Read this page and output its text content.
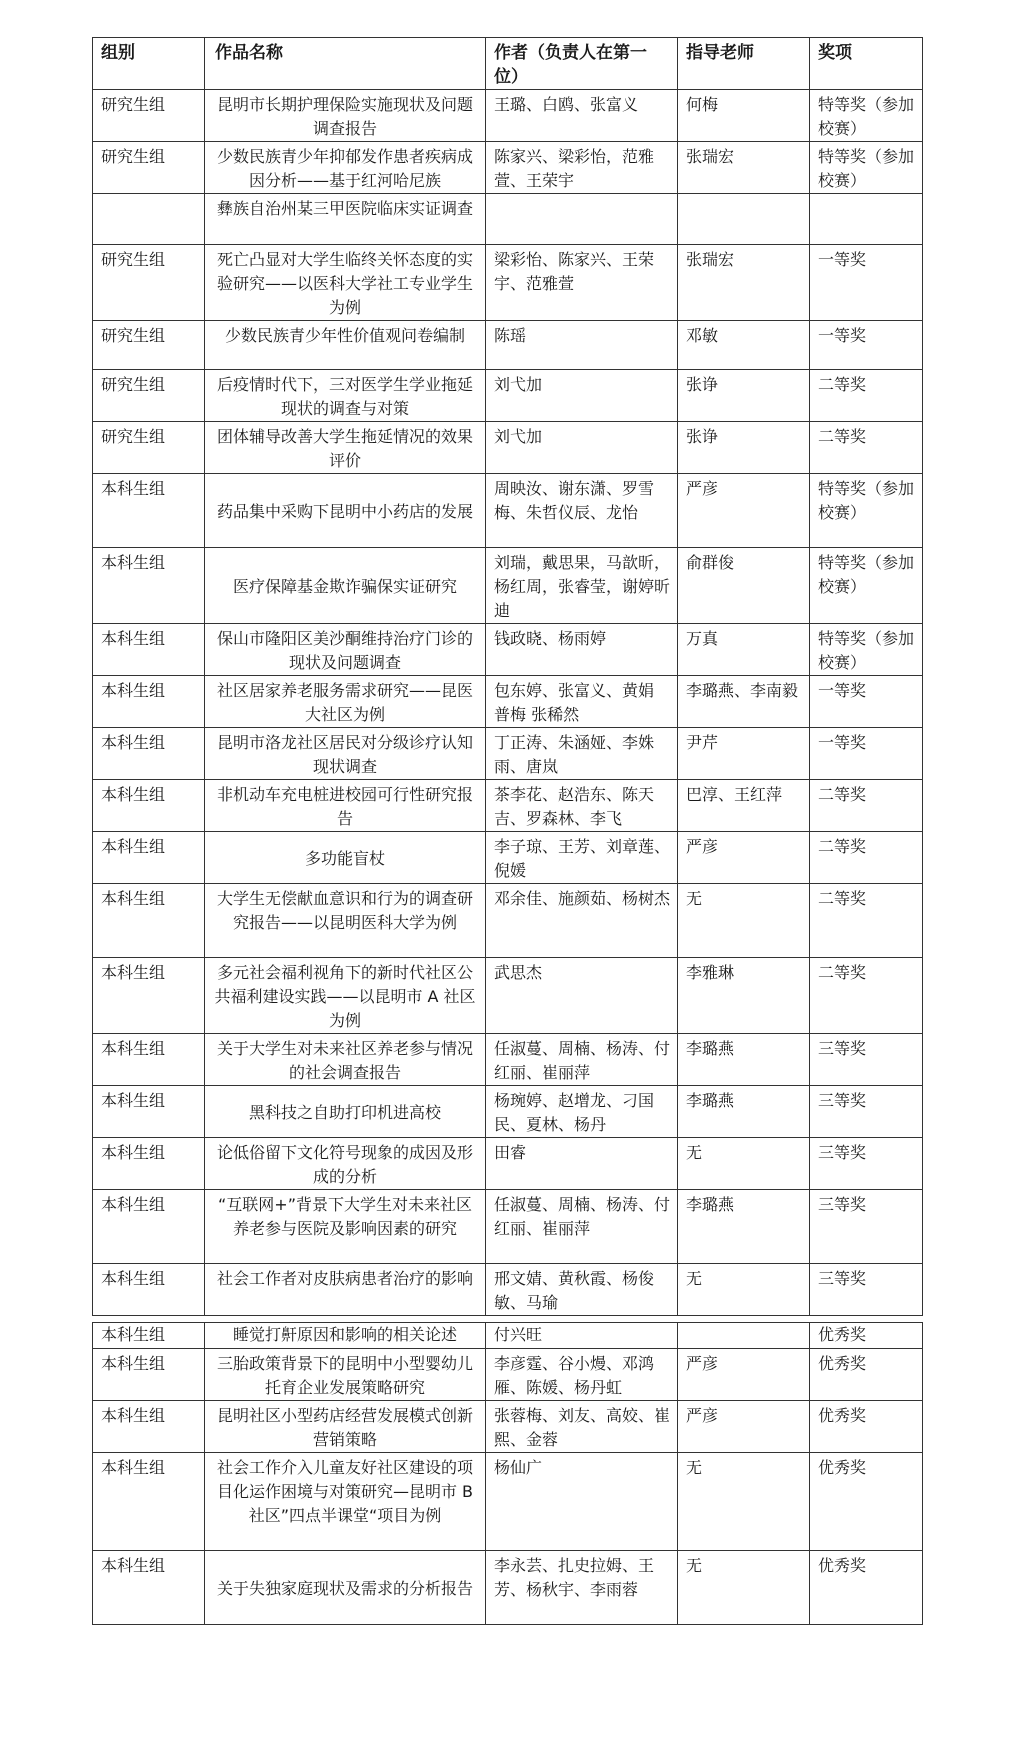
组别	作品名称	作者（负责人在第一位）	指导老师	奖项
研究生组	昆明市长期护理保险实施现状及问题调查报告	王璐、白鸥、张富义	何梅	特等奖（参加校赛）
研究生组	少数民族青少年抑郁发作患者疾病成因分析——基于红河哈尼族	陈家兴、梁彩怡，范雅萱、王荣宇	张瑞宏	特等奖（参加校赛）
	彝族自治州某三甲医院临床实证调查			
研究生组	死亡凸显对大学生临终关怀态度的实验研究——以医科大学社工专业学生为例	梁彩怡、陈家兴、王荣宇、范雅萱	张瑞宏	一等奖
研究生组	少数民族青少年性价值观问卷编制	陈瑶	邓敏	一等奖
研究生组	后疫情时代下，三对医学生学业拖延现状的调查与对策	刘弋加	张诤	二等奖
研究生组	团体辅导改善大学生拖延情况的效果评价	刘弋加	张诤	二等奖
本科生组	药品集中采购下昆明中小药店的发展	周映汝、谢东潇、罗雪梅、朱哲仪辰、龙怡	严彦	特等奖（参加校赛）
本科生组	医疗保障基金欺诈骗保实证研究	刘瑞，戴思果，马歆昕，杨红周，张睿莹，谢婷昕迪	俞群俊	特等奖（参加校赛）
本科生组	保山市隆阳区美沙酮维持治疗门诊的现状及问题调查	钱政晓、杨雨婷	万真	特等奖（参加校赛）
本科生组	社区居家养老服务需求研究——昆医大社区为例	包东婷、张富义、黄娟 普梅 张稀然	李璐燕、李南毅	一等奖
本科生组	昆明市洛龙社区居民对分级诊疗认知现状调查	丁正涛、朱涵娅、李姝雨、唐岚	尹芹	一等奖
本科生组	非机动车充电桩进校园可行性研究报告	茶李花、赵浩东、陈天吉、罗森林、李飞	巴淳、王红萍	二等奖
本科生组	多功能盲杖	李子琼、王芳、刘章莲、倪媛	严彦	二等奖
本科生组	大学生无偿献血意识和行为的调查研究报告——以昆明医科大学为例	邓余佳、施颜茹、杨树杰	无	二等奖
本科生组	多元社会福利视角下的新时代社区公共福利建设实践——以昆明市 A 社区为例	武思杰	李雅琳	二等奖
本科生组	关于大学生对未来社区养老参与情况的社会调查报告	任淑蔓、周楠、杨涛、付红丽、崔丽萍	李璐燕	三等奖
本科生组	黑科技之自助打印机进高校	杨琬婷、赵增龙、刁国民、夏林、杨丹	李璐燕	三等奖
本科生组	论低俗留下文化符号现象的成因及形成的分析	田睿	无	三等奖
本科生组	“互联网+”背景下大学生对未来社区养老参与医院及影响因素的研究	任淑蔓、周楠、杨涛、付红丽、崔丽萍	李璐燕	三等奖
本科生组	社会工作者对皮肤病患者治疗的影响	邢文婧、黄秋霞、杨俊敏、马瑜	无	三等奖

本科生组	睡觉打鼾原因和影响的相关论述	付兴旺		优秀奖
本科生组	三胎政策背景下的昆明中小型婴幼儿托育企业发展策略研究	李彦霆、谷小熳、邓鸿雁、陈媛、杨丹虹	严彦	优秀奖
本科生组	昆明社区小型药店经营发展模式创新营销策略	张蓉梅、刘友、高姣、崔熙、金蓉	严彦	优秀奖
本科生组	社会工作介入儿童友好社区建设的项目化运作困境与对策研究—昆明市 B 社区”四点半课堂“项目为例	杨仙广	无	优秀奖
本科生组	关于失独家庭现状及需求的分析报告	李永芸、扎史拉姆、王芳、杨秋宇、李雨蓉	无	优秀奖
